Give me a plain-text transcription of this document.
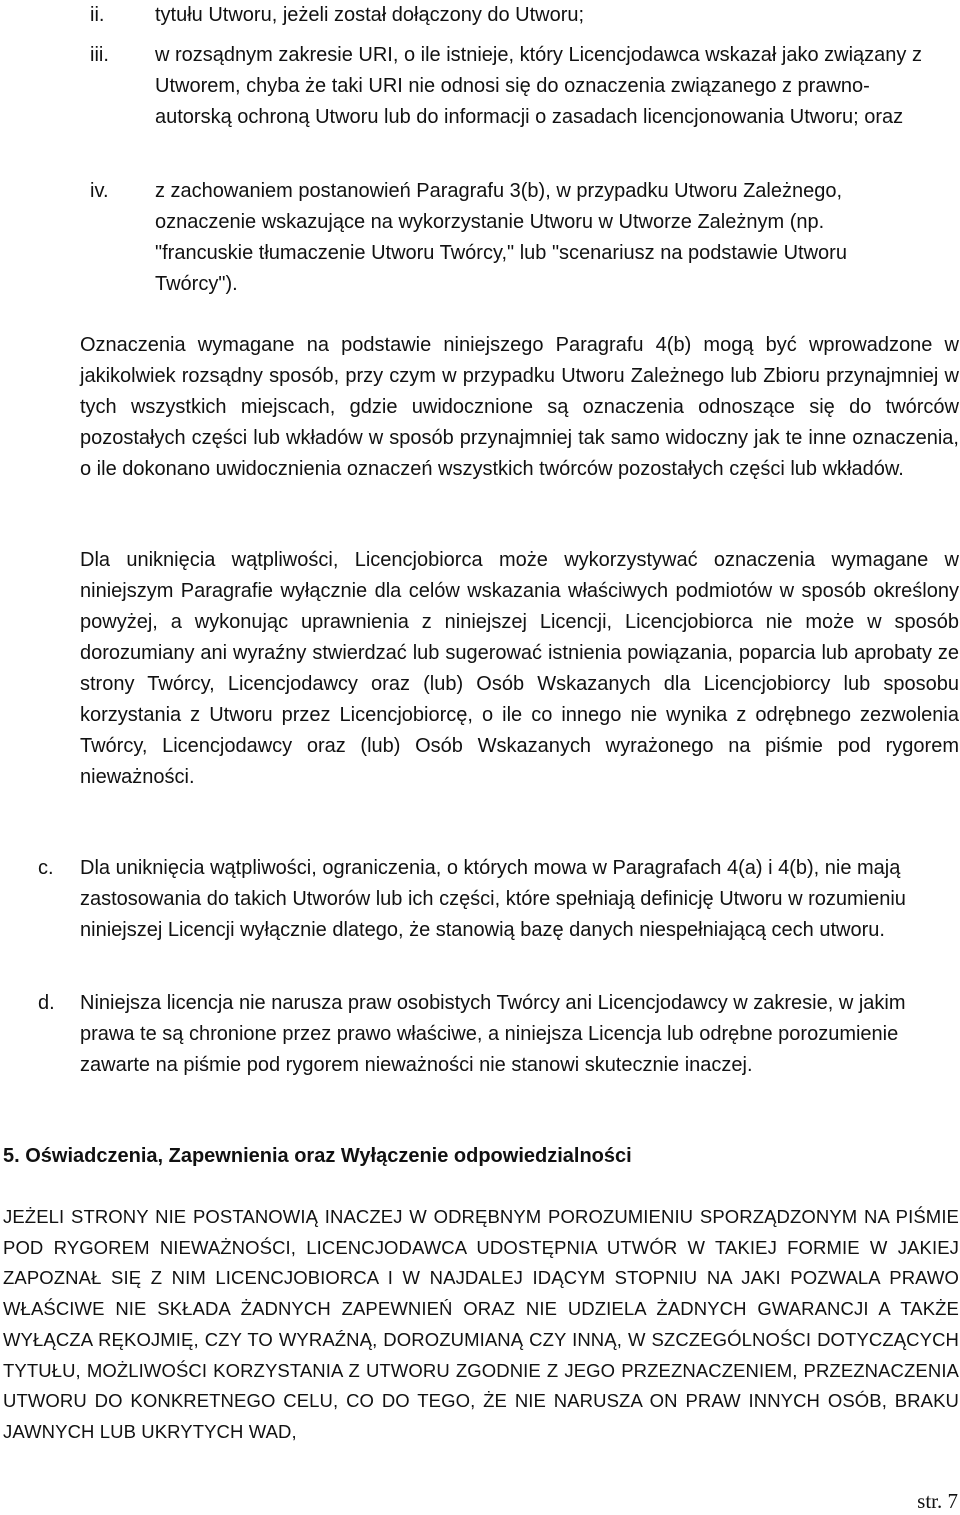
ii.	tytułu Utworu, jeżeli został dołączony do Utworu;
iii. w rozsądnym zakresie URI, o ile istnieje, który Licencjodawca wskazał jako związany z Utworem, chyba że taki URI nie odnosi się do oznaczenia związanego z prawno-autorską ochroną Utworu lub do informacji o zasadach licencjonowania Utworu; oraz
iv. z zachowaniem postanowień Paragrafu 3(b), w przypadku Utworu Zależnego, oznaczenie wskazujące na wykorzystanie Utworu w Utworze Zależnym (np. "francuskie tłumaczenie Utworu Twórcy," lub "scenariusz na podstawie Utworu Twórcy").

Oznaczenia wymagane na podstawie niniejszego Paragrafu 4(b) mogą być wprowadzone w jakikolwiek rozsądny sposób, przy czym w przypadku Utworu Zależnego lub Zbioru przynajmniej w tych wszystkich miejscach, gdzie uwidocznione są oznaczenia odnoszące się do twórców pozostałych części lub wkładów w sposób przynajmniej tak samo widoczny jak te inne oznaczenia, o ile dokonano uwidocznienia oznaczeń wszystkich twórców pozostałych części lub wkładów.

Dla uniknięcia wątpliwości, Licencjobiorca może wykorzystywać oznaczenia wymagane w niniejszym Paragrafie wyłącznie dla celów wskazania właściwych podmiotów w sposób określony powyżej, a wykonując uprawnienia z niniejszej Licencji, Licencjobiorca nie może w sposób dorozumiany ani wyraźny stwierdzać lub sugerować istnienia powiązania, poparcia lub aprobaty ze strony Twórcy, Licencjodawcy oraz (lub) Osób Wskazanych dla Licencjobiorcy lub sposobu korzystania z Utworu przez Licencjobiorcę, o ile co innego nie wynika z odrębnego zezwolenia Twórcy, Licencjodawcy oraz (lub) Osób Wskazanych wyrażonego na piśmie pod rygorem nieważności.

c. Dla uniknięcia wątpliwości, ograniczenia, o których mowa w Paragrafach 4(a) i 4(b), nie mają zastosowania do takich Utworów lub ich części, które spełniają definicję Utworu w rozumieniu niniejszej Licencji wyłącznie dlatego, że stanowią bazę danych niespełniającą cech utworu.
d. Niniejsza licencja nie narusza praw osobistych Twórcy ani Licencjodawcy w zakresie, w jakim prawa te są chronione przez prawo właściwe, a niniejsza Licencja lub odrębne porozumienie zawarte na piśmie pod rygorem nieważności nie stanowi skutecznie inaczej.
5. Oświadczenia, Zapewnienia oraz Wyłączenie odpowiedzialności

JEŻELI STRONY NIE POSTANOWIĄ INACZEJ W ODRĘBNYM POROZUMIENIU SPORZĄDZONYM NA PIŚMIE POD RYGOREM NIEWAŻNOŚCI, LICENCJODAWCA UDOSTĘPNIA UTWÓR W TAKIEJ FORMIE W JAKIEJ ZAPOZNAŁ SIĘ Z NIM LICENCJOBIORCA I W NAJDALEJ IDĄCYM STOPNIU NA JAKI POZWALA PRAWO WŁAŚCIWE NIE SKŁADA ŻADNYCH ZAPEWNIEŃ ORAZ NIE UDZIELA ŻADNYCH GWARANCJI A TAKŻE WYŁĄCZA RĘKOJMIĘ, CZY TO WYRAŹNĄ, DOROZUMIANĄ CZY INNĄ, W SZCZEGÓLNOŚCI DOTYCZĄCYCH TYTUŁU, MOŻLIWOŚCI KORZYSTANIA Z UTWORU ZGODNIE Z JEGO PRZEZNACZENIEM, PRZEZNACZENIA UTWORU DO KONKRETNEGO CELU, CO DO TEGO, ŻE NIE NARUSZA ON PRAW INNYCH OSÓB, BRAKU JAWNYCH LUB UKRYTYCH WAD,

str. 7
